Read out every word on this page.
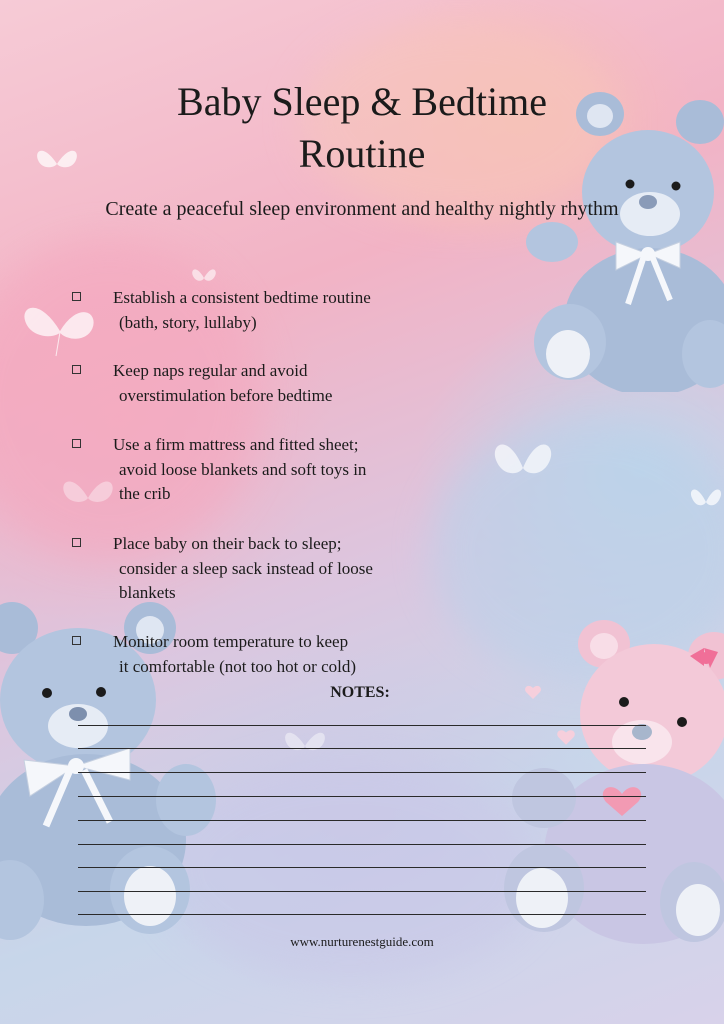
Baby Sleep & Bedtime Routine

Create a peaceful sleep environment and healthy nightly rhythm

Establish a consistent bedtime routine
(bath, story, lullaby)
Keep naps regular and avoid
overstimulation before bedtime
Use a firm mattress and fitted sheet;
avoid loose blankets and soft toys in
the crib
Place baby on their back to sleep;
consider a sleep sack instead of loose
blankets
Monitor room temperature to keep
it comfortable (not too hot or cold)

NOTES:

www.nurturenestguide.com
